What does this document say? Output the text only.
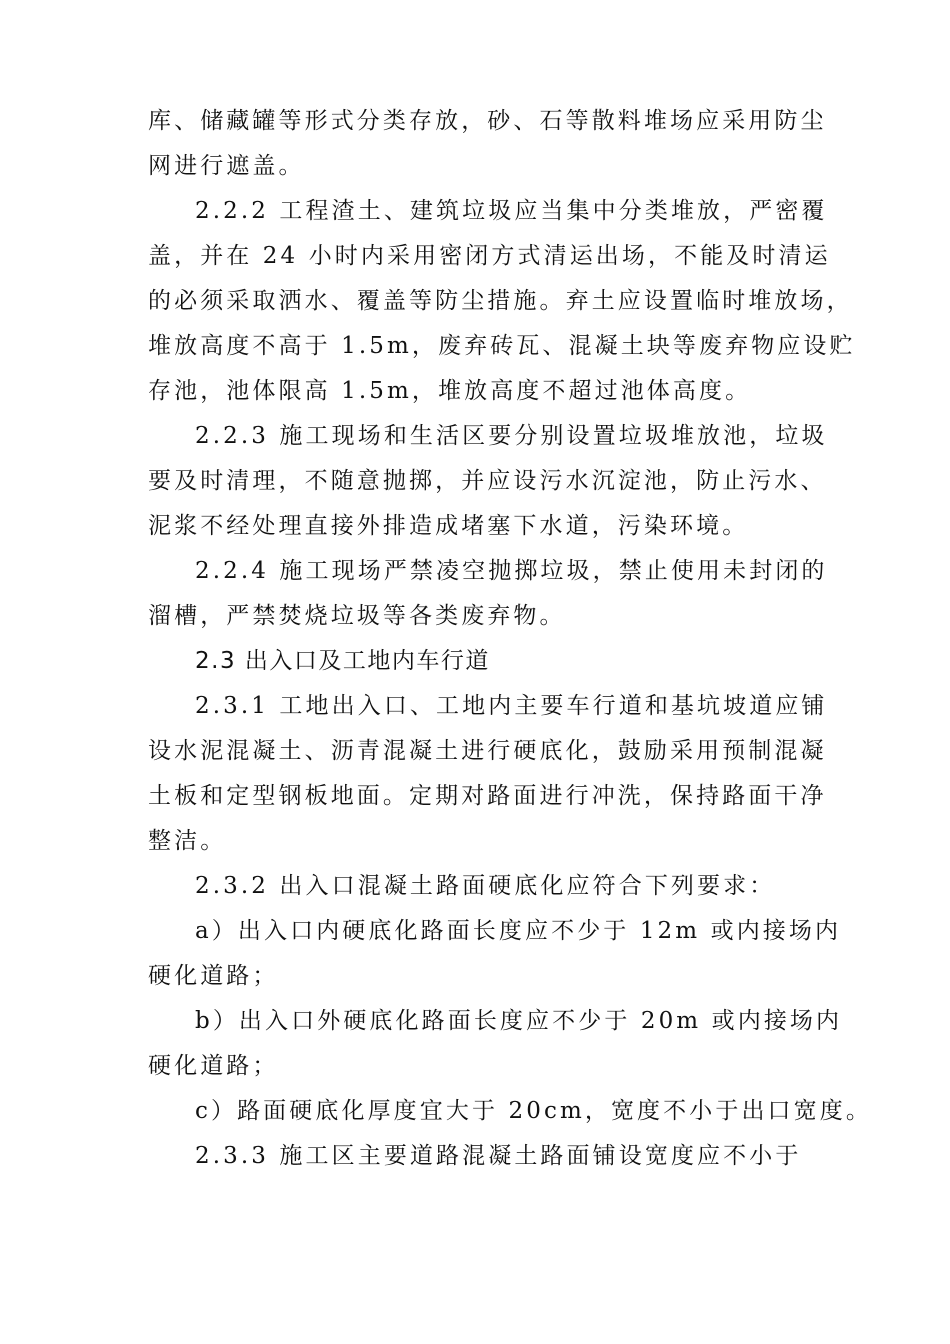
库、储藏罐等形式分类存放，砂、石等散料堆场应采用防尘
网进行遮盖。
2.2.2 工程渣土、建筑垃圾应当集中分类堆放，严密覆
盖，并在 24 小时内采用密闭方式清运出场，不能及时清运
的必须采取洒水、覆盖等防尘措施。弃土应设置临时堆放场，
堆放高度不高于 1.5m，废弃砖瓦、混凝土块等废弃物应设贮
存池，池体限高 1.5m，堆放高度不超过池体高度。
2.2.3 施工现场和生活区要分别设置垃圾堆放池，垃圾
要及时清理，不随意抛掷，并应设污水沉淀池，防止污水、
泥浆不经处理直接外排造成堵塞下水道，污染环境。
2.2.4 施工现场严禁凌空抛掷垃圾，禁止使用未封闭的
溜槽，严禁焚烧垃圾等各类废弃物。
2.3 出入口及工地内车行道
2.3.1 工地出入口、工地内主要车行道和基坑坡道应铺
设水泥混凝土、沥青混凝土进行硬底化，鼓励采用预制混凝
土板和定型钢板地面。定期对路面进行冲洗，保持路面干净
整洁。
2.3.2 出入口混凝土路面硬底化应符合下列要求：
a）出入口内硬底化路面长度应不少于 12m 或内接场内
硬化道路；
b）出入口外硬底化路面长度应不少于 20m 或内接场内
硬化道路；
c）路面硬底化厚度宜大于 20cm，宽度不小于出口宽度。
2.3.3 施工区主要道路混凝土路面铺设宽度应不小于
